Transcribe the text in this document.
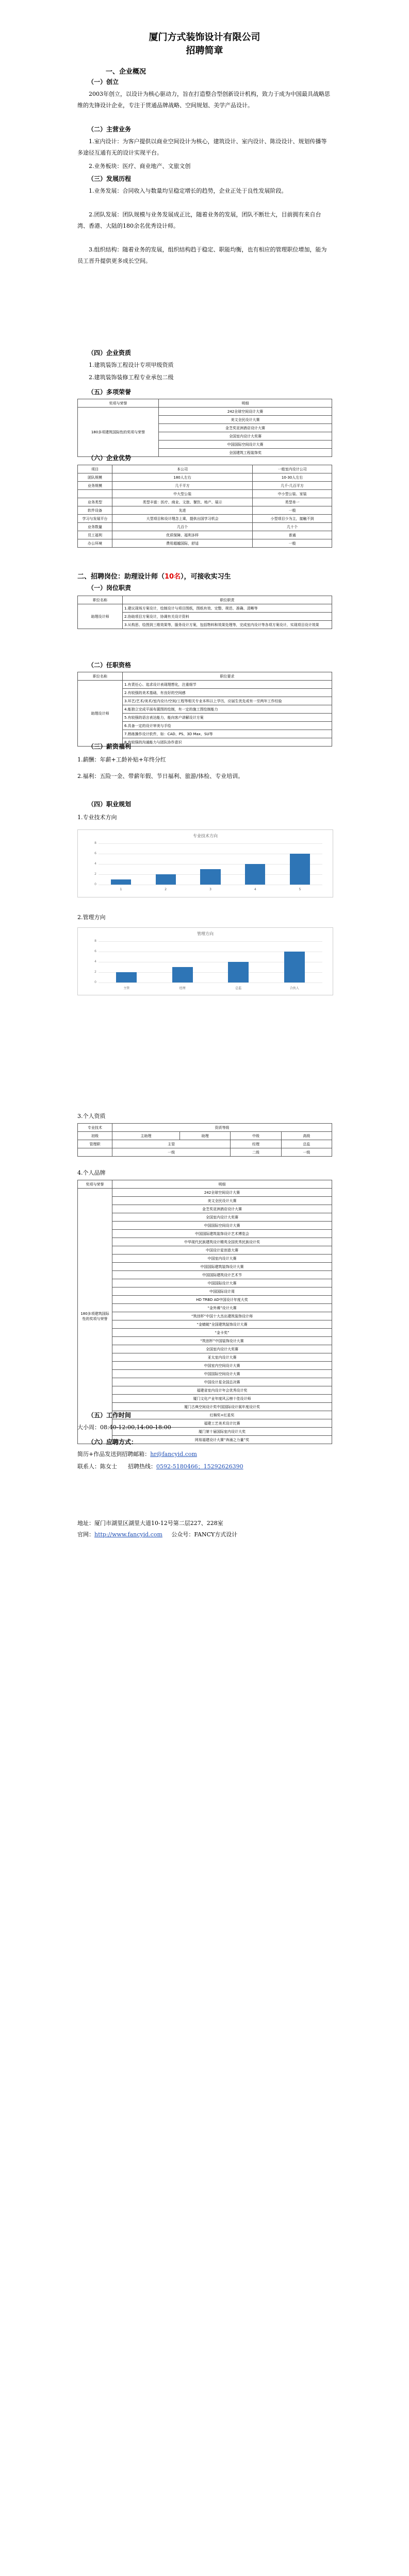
厦门方式装饰设计有限公司
招聘简章
一、企业概况
（一）创立
2003年创立，以设计为核心驱动力，旨在打造整合型创新设计机构，致力于成为中国最具战略思维的先锋设计企业，专注于贯通品牌战略、空间规划、美学产品设计。
（二）主营业务
1.室内设计：为客户提供以商业空间设计为核心，建筑设计、室内设计、陈设设计、规划传播等多途径互通有无的设计实现平台。
2.业务板块：医疗、商业地产、文旅文创
（三）发展历程
1.业务发展：合同收入与数量均呈稳定增长的趋势，企业正处于良性发展阶段。
2.团队发展：团队规模与业务发展成正比，随着业务的发展，团队不断壮大，目前拥有来自台湾、香港、大陆的180余名优秀设计师。
3.组织结构：随着业务的发展，组织结构趋于稳定、职能均衡，也有相应的管理职位增加，能为员工晋升提供更多成长空间。
（四）企业资质
1.建筑装饰工程设计专项甲级资质
2.建筑装饰装修工程专业承包二级
（五）多项荣誉
奖项与荣誉	明细
180多项建筑国际性的奖项与荣誉	242全球空间设计大赛
	美文全民设计大赛
	金芝奖亚洲酒店设计大赛
	全国室内设计大奖赛
	中国国际空间设计大赛
	全国建筑工程装饰奖
（六）企业优势
项目	本公司	一般室内设计公司
团队规模	180人左右	10-30人左右
业务规模	几千平方	几千-几百平方
	中大型公装	中小型公装、家装
业务类型	类型丰富：医疗、商业、文旅、餐饮、地产、展示	类型单一
软件设备	先进	一般
学习与发展平台	大型项目和设计理念上乘，提供出国学习机会	小型项目少为主，接触不到
业务数量	几百个	几十个
员工福利	优质保障、福利多样	普通
办公环境	费用超越国际，舒适	一般
二、招聘岗位：助理设计师（10名），可接收实习生
（一）岗位职责
职位名称	职位职责
助理设计师	1.建议现场方案设计，绘制设计与项目图纸，图纸有效、完整、规范、准确、清晰等
	2.协助项目方案设计，协调有关设计资料
	3.从构思、绘图到三维效果等，服务设计方案，包括物料和效果处理等，完成室内设计等各项方案设计，实现项目设计效果
（二）任职资格
职位名称	职位要求
助理设计师	1.有责任心、追求设计表现理想化，注重细节
	2.有较强的美术基础，有良好的空间感
	3.环艺/艺术/美术/室内设计/空间/工程等相关专业本科以上学历，应届生优先或有一至两年工作经验
	4.能独立完成平面布置图的绘制，有一定的施工图绘制能力
	5.有较强的语言表达能力，能向客户讲解设计方案
	6.具备一定的设计审美与手绘
	7.熟练操作设计软件，如：CAD、PS、3D Max、SU等
	8.有较强的沟通能力与团队协作意识
（三）薪资福利
1.薪酬：年薪+工龄补贴+年终分红
2.福利：五险一金、带薪年假、节日福利、旅游/体检、专业培训。
（四）职业规划
1.专业技术方向
专业技术方向
0
2
4
6
8
1	2	3	4	5
2.管理方向
管理方向
0
2
4
6
8
主管	经理	总监	合伙人
3.个人资质
专业技术	资质等级			
初级	主助理	助理	中级	高级
管理职	主管		经理	总监
	一级		二级	一级
4.个人品牌
奖项与荣誉	明细
180多项建筑国际性的奖项与荣誉	242全球空间设计大赛
	美文全民设计大赛
	金芝奖亚洲酒店设计大赛
	全国室内设计大奖赛
	中国国际空间设计大赛
	中国国际建筑装饰设计艺术博览会
	中华现代民族建筑设计精英全国优秀民族设计奖
	中国设计星创意大赛
	中国室内设计大赛
	中国国际建筑装饰设计大赛
	中国国际建筑设计艺术节
	中国国际设计大赛
	中国国际设计周
	HD TRBD AD中国设计年度大奖
	“金外滩”设计大赛
	“筑创杯”中国十大杰出建筑装饰设计师
	“金蜻蜓”全国建筑装饰设计大赛
	“金卡奖”
	“筑创杯”中国装饰设计大赛
	全国室内设计大奖赛
	亚太室内设计大赛
	中国室内空间设计大赛
	中国国际空间设计大赛
	中国设计星全国总决赛
	福建省室内设计年会优秀设计奖
	厦门文化产业年度风云榜十佳设计师
	厦门古典空间设计奖中国国际设计展年度设计奖
	红棉奖+红星奖
	福建工艺美术设计比赛
	厦门第十届国际室内设计大奖
	网易福建设计大赛“奔涌之力量”奖
（五）工作时间
大小周：08:40-12:00,14:00-18:00
（六）应聘方式：
简历+作品发送到招聘邮箱：hr@fancyid.com
联系人：陈女士 招聘热线：0592-5180466；15292626390
地址：厦门市湖里区湖里大道10-12号第二层227、228室
官网：http://www.fancyid.com 公众号：FANCY方式设计
